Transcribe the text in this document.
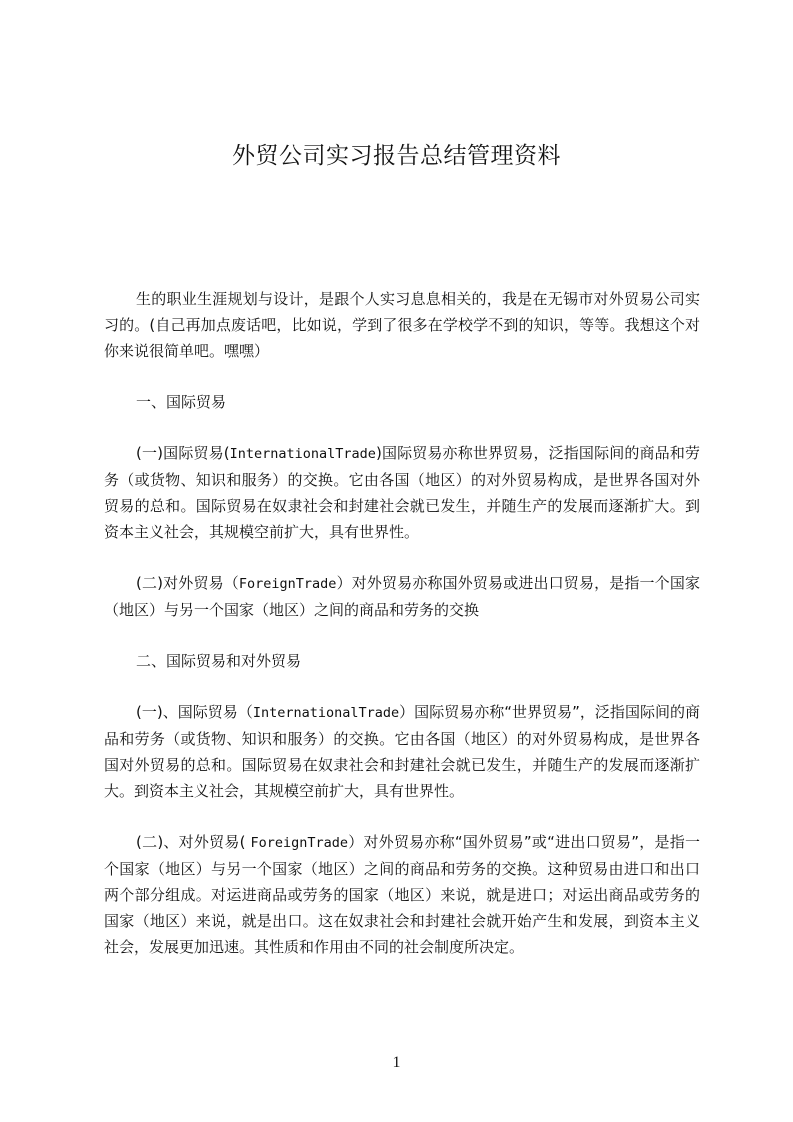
外贸公司实习报告总结管理资料

生的职业生涯规划与设计，是跟个人实习息息相关的，我是在无锡市对外贸易公司实习的。(自己再加点废话吧，比如说，学到了很多在学校学不到的知识，等等。我想这个对你来说很简单吧。嘿嘿）

一、国际贸易

(一)国际贸易(InternationalTrade)国际贸易亦称世界贸易，泛指国际间的商品和劳务（或货物、知识和服务）的交换。它由各国（地区）的对外贸易构成，是世界各国对外贸易的总和。国际贸易在奴隶社会和封建社会就已发生，并随生产的发展而逐渐扩大。到资本主义社会，其规模空前扩大，具有世界性。

(二)对外贸易（ForeignTrade）对外贸易亦称国外贸易或进出口贸易，是指一个国家（地区）与另一个国家（地区）之间的商品和劳务的交换

二、国际贸易和对外贸易

(一)、国际贸易（InternationalTrade）国际贸易亦称“世界贸易”，泛指国际间的商品和劳务（或货物、知识和服务）的交换。它由各国（地区）的对外贸易构成，是世界各国对外贸易的总和。国际贸易在奴隶社会和封建社会就已发生，并随生产的发展而逐渐扩大。到资本主义社会，其规模空前扩大，具有世界性。

(二)、对外贸易( ForeignTrade）对外贸易亦称“国外贸易”或“进出口贸易”，是指一个国家（地区）与另一个国家（地区）之间的商品和劳务的交换。这种贸易由进口和出口两个部分组成。对运进商品或劳务的国家（地区）来说，就是进口；对运出商品或劳务的国家（地区）来说，就是出口。这在奴隶社会和封建社会就开始产生和发展，到资本主义社会，发展更加迅速。其性质和作用由不同的社会制度所决定。

1
